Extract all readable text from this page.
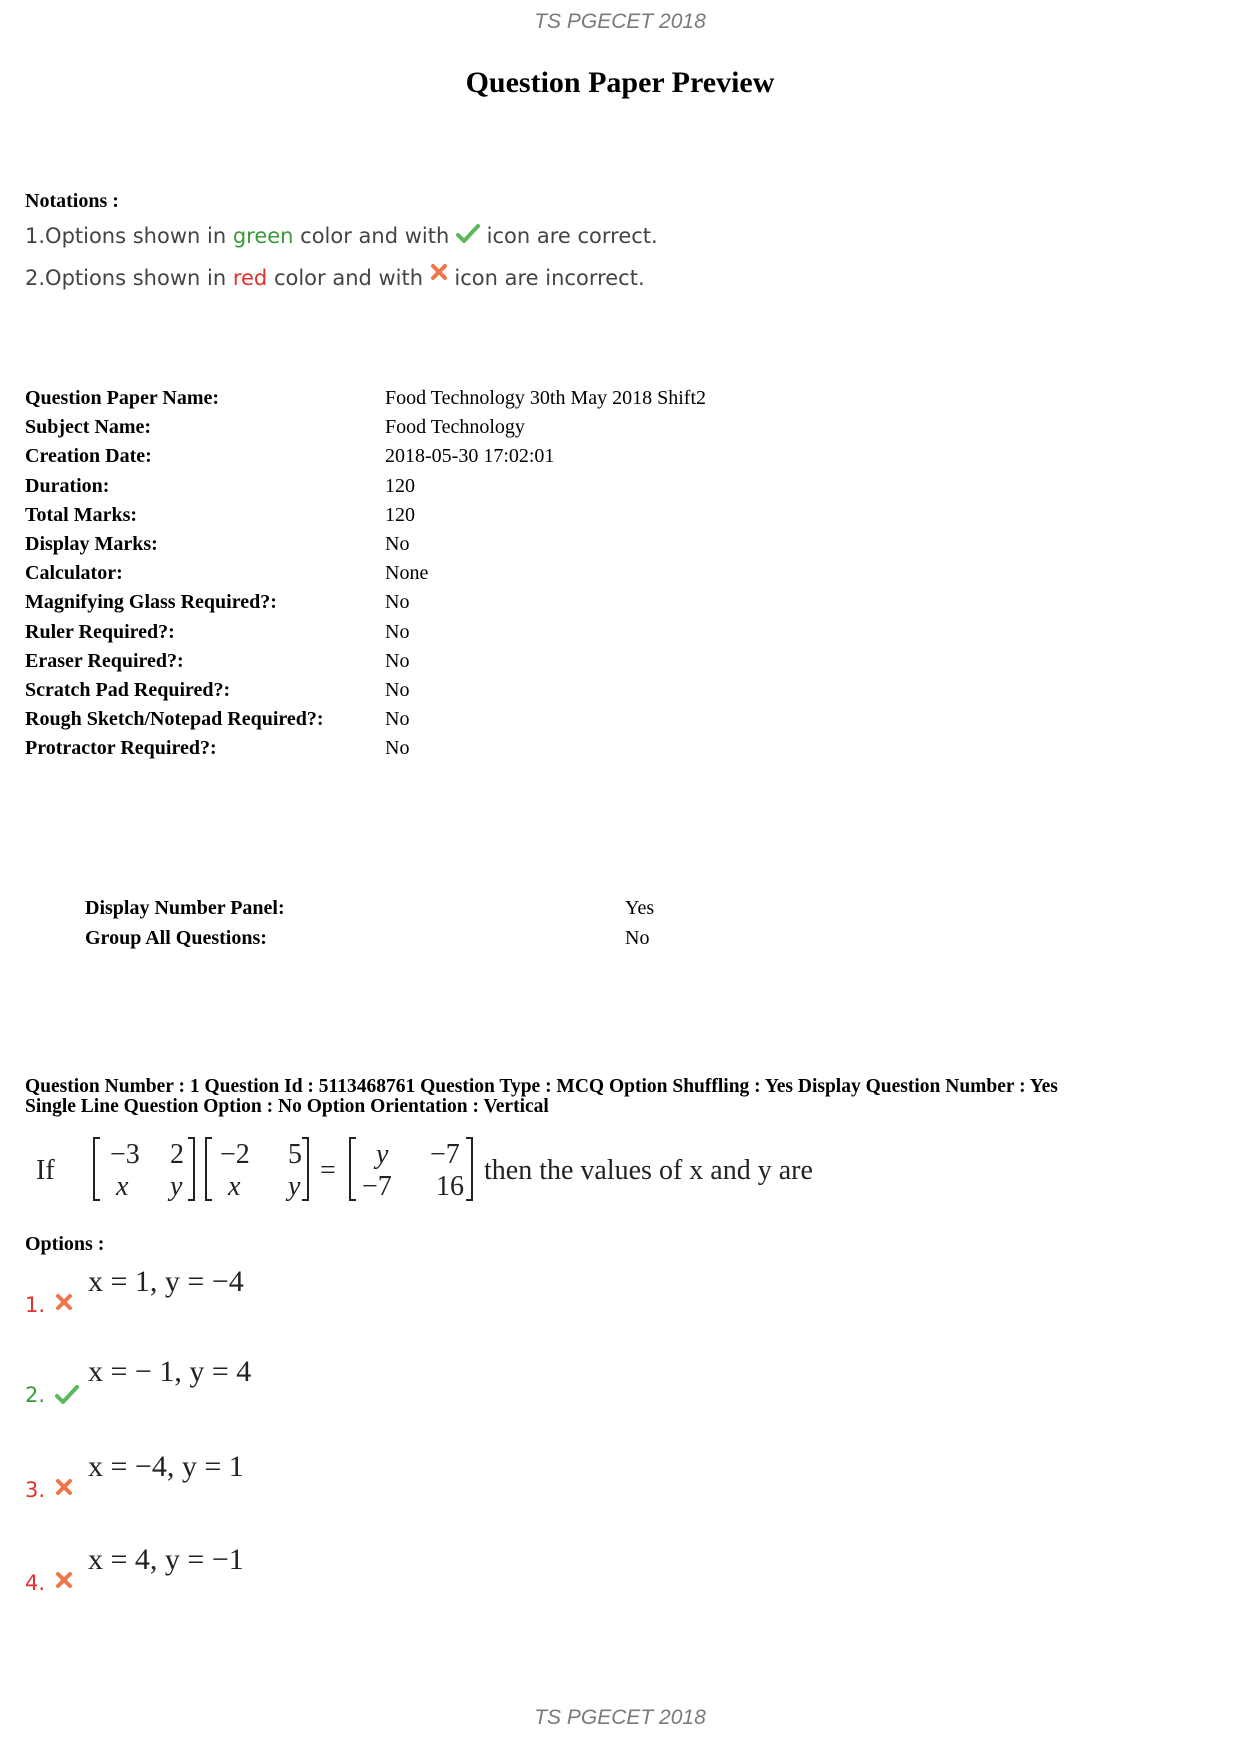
TS PGECET 2018
Question Paper Preview
Notations :
1.Options shown in green color and with  icon are correct.
2.Options shown in red color and with  icon are incorrect.
Question Paper Name:	Food Technology 30th May 2018 Shift2
Subject Name:	Food Technology
Creation Date:	2018-05-30 17:02:01
Duration:	120
Total Marks:	120
Display Marks:	No
Calculator:	None
Magnifying Glass Required?:	No
Ruler Required?:	No
Eraser Required?:	No
Scratch Pad Required?:	No
Rough Sketch/Notepad Required?:	No
Protractor Required?:	No
Display Number Panel:	Yes
Group All Questions:	No
Question Number : 1 Question Id : 5113468761 Question Type : MCQ Option Shuffling : Yes Display Question Number : Yes
Single Line Question Option : No Option Orientation : Vertical
If
−3 2
x y
−2 5
x y
=
y −7
−7 16
then the values of x and y are
Options :
1.
x = 1, y = −4
2.
x = − 1, y = 4
3.
x = −4, y = 1
4.
x = 4, y = −1
TS PGECET 2018
